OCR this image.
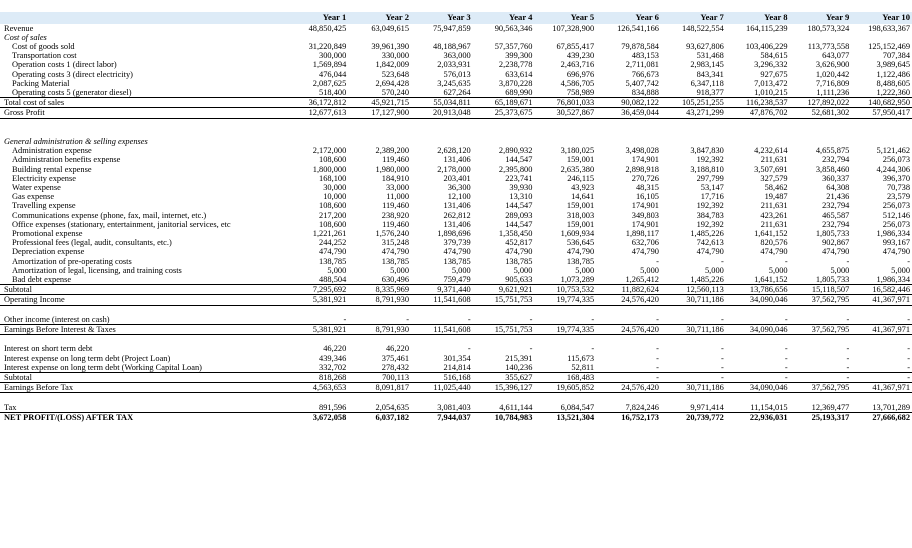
	Year 1	Year 2	Year 3	Year 4	Year 5	Year 6	Year 7	Year 8	Year 9	Year 10
Revenue	48,850,425	63,049,615	75,947,859	90,563,346	107,328,900	126,541,166	148,522,554	164,115,239	180,573,324	198,633,367
Cost of sales										
Cost of goods sold	31,220,849	39,961,390	48,188,967	57,357,760	67,855,417	79,878,584	93,627,806	103,406,229	113,773,558	125,152,469
Transportation cost	300,000	330,000	363,000	399,300	439,230	483,153	531,468	584,615	643,077	707,384
Operation costs 1 (direct labor)	1,569,894	1,842,009	2,033,931	2,238,778	2,463,716	2,711,081	2,983,145	3,296,332	3,626,900	3,989,645
Operating costs 3 (direct electricity)	476,044	523,648	576,013	633,614	696,976	766,673	843,341	927,675	1,020,442	1,122,486
Packing Material	2,087,625	2,694,428	3,245,635	3,870,228	4,586,705	5,407,742	6,347,118	7,013,472	7,716,809	8,488,605
Operating costs 5 (generator diesel)	518,400	570,240	627,264	689,990	758,989	834,888	918,377	1,010,215	1,111,236	1,222,360
Total cost of sales	36,172,812	45,921,715	55,034,811	65,189,671	76,801,033	90,082,122	105,251,255	116,238,537	127,892,022	140,682,950
Gross Profit	12,677,613	17,127,900	20,913,048	25,373,675	30,527,867	36,459,044	43,271,299	47,876,702	52,681,302	57,950,417

General administration & selling expenses										
Administration expense	2,172,000	2,389,200	2,628,120	2,890,932	3,180,025	3,498,028	3,847,830	4,232,614	4,655,875	5,121,462
Administration benefits expense	108,600	119,460	131,406	144,547	159,001	174,901	192,392	211,631	232,794	256,073
Building rental expense	1,800,000	1,980,000	2,178,000	2,395,800	2,635,380	2,898,918	3,188,810	3,507,691	3,858,460	4,244,306
Electricity expense	168,100	184,910	203,401	223,741	246,115	270,726	297,799	327,579	360,337	396,370
Water expense	30,000	33,000	36,300	39,930	43,923	48,315	53,147	58,462	64,308	70,738
Gas expense	10,000	11,000	12,100	13,310	14,641	16,105	17,716	19,487	21,436	23,579
Travelling expense	108,600	119,460	131,406	144,547	159,001	174,901	192,392	211,631	232,794	256,073
Communications expense (phone, fax, mail, internet, etc.)	217,200	238,920	262,812	289,093	318,003	349,803	384,783	423,261	465,587	512,146
Office expenses (stationary, entertainment, janitorial services, etc	108,600	119,460	131,406	144,547	159,001	174,901	192,392	211,631	232,794	256,073
Promotional expense	1,221,261	1,576,240	1,898,696	1,358,450	1,609,934	1,898,117	1,485,226	1,641,152	1,805,733	1,986,334
Professional fees (legal, audit, consultants, etc.)	244,252	315,248	379,739	452,817	536,645	632,706	742,613	820,576	902,867	993,167
Depreciation expense	474,790	474,790	474,790	474,790	474,790	474,790	474,790	474,790	474,790	474,790
Amortization of pre-operating costs	138,785	138,785	138,785	138,785	138,785	-	-	-	-	-
Amortization of legal, licensing, and training costs	5,000	5,000	5,000	5,000	5,000	5,000	5,000	5,000	5,000	5,000
Bad debt expense	488,504	630,496	759,479	905,633	1,073,289	1,265,412	1,485,226	1,641,152	1,805,733	1,986,334
Subtotal	7,295,692	8,335,969	9,371,440	9,621,921	10,753,532	11,882,624	12,560,113	13,786,656	15,118,507	16,582,446
Operating Income	5,381,921	8,791,930	11,541,608	15,751,753	19,774,335	24,576,420	30,711,186	34,090,046	37,562,795	41,367,971

Other income (interest on cash)	-	-	-	-	-	-	-	-	-	-
Earnings Before Interest & Taxes	5,381,921	8,791,930	11,541,608	15,751,753	19,774,335	24,576,420	30,711,186	34,090,046	37,562,795	41,367,971

Interest on short term debt	46,220	46,220	-	-	-	-	-	-	-	-
Interest expense on long term debt (Project Loan)	439,346	375,461	301,354	215,391	115,673	-	-	-	-	-
Interest expense on long term debt (Working Capital Loan)	332,702	278,432	214,814	140,236	52,811	-	-	-	-	-
Subtotal	818,268	700,113	516,168	355,627	168,483	-	-	-	-	-
Earnings Before Tax	4,563,653	8,091,817	11,025,440	15,396,127	19,605,852	24,576,420	30,711,186	34,090,046	37,562,795	41,367,971

Tax	891,596	2,054,635	3,081,403	4,611,144	6,084,547	7,824,246	9,971,414	11,154,015	12,369,477	13,701,289
NET PROFIT/(LOSS) AFTER TAX	3,672,058	6,037,182	7,944,037	10,784,983	13,521,304	16,752,173	20,739,772	22,936,031	25,193,317	27,666,682
